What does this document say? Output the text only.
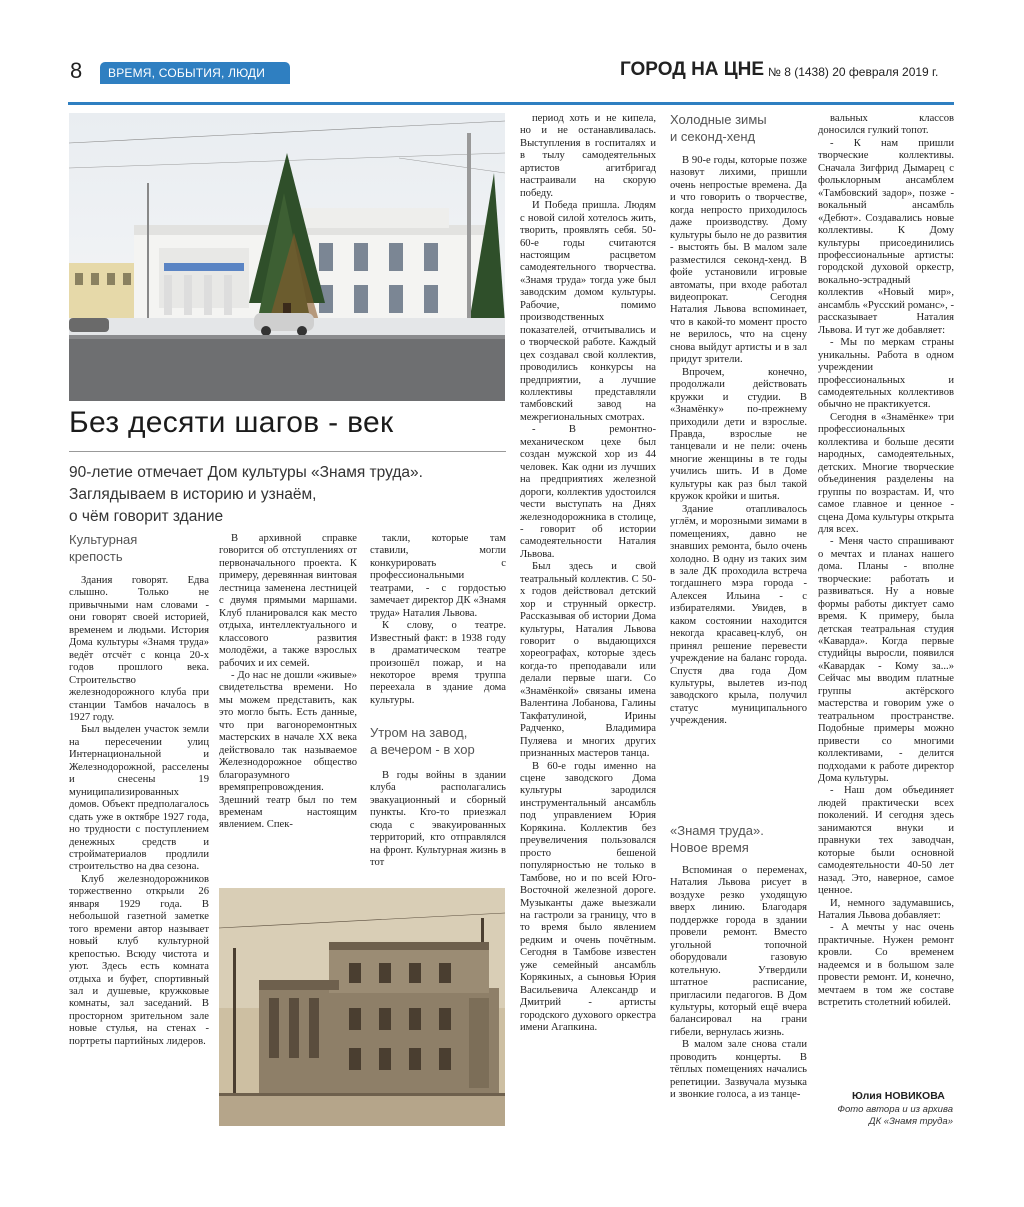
8	ВРЕМЯ, СОБЫТИЯ, ЛЮДИ	ГОРОД НА ЦНЕ № 8 (1438) 20 февраля 2019 г.
Без десяти шагов - век
90-летие отмечает Дом культуры «Знамя труда».
Заглядываем в историю и узнаём,
о чём говорит здание
Культурная
крепость
Утром на завод,
а вечером - в хор
Холодные зимы
и секонд-хенд
«Знамя труда».
Новое время

Здания говорят. Едва слышно. Только не привычными нам словами - они говорят своей историей, временем и людьми. История Дома культуры «Знамя труда» ведёт отсчёт с конца 20-х годов прошлого века. Строительство железнодорожного клуба при станции Тамбов началось в 1927 году.

Был выделен участок земли на пересечении улиц Интернациональной и Железнодорожной, расселены и снесены 19 муниципализированных домов. Объект предполагалось сдать уже в октябре 1927 года, но трудности с поступлением денежных средств и стройматериалов продлили строительство на два сезона.

Клуб железнодорожников торжественно открыли 26 января 1929 года. В небольшой газетной заметке того времени автор называет новый клуб культурной крепостью. Всюду чистота и уют. Здесь есть комната отдыха и буфет, спортивный зал и душевые, кружковые комнаты, зал заседаний. В просторном зрительном зале новые стулья, на стенах - портреты партийных лидеров.

В архивной справке говорится об отступлениях от первоначального проекта. К примеру, деревянная винтовая лестница заменена лестницей с двумя прямыми маршами. Клуб планировался как место отдыха, интеллектуального и классового развития молодёжи, а также взрослых рабочих и их семей.

- До нас не дошли «живые» свидетельства времени. Но мы можем представить, как это могло быть. Есть данные, что при вагоноремонтных мастерских в начале XX века действовало так называемое Железнодорожное общество благоразумного времяпрепровождения. Здешний театр был по тем временам настоящим явлением. Спек-

такли, которые там ставили, могли конкурировать с профессиональными театрами, - с гордостью замечает директор ДК «Знамя труда» Наталия Львова.

К слову, о театре. Известный факт: в 1938 году в драматическом театре произошёл пожар, и на некоторое время труппа переехала в здание дома культуры.

В годы войны в здании клуба располагались эвакуационный и сборный пункты. Кто-то приезжал сюда с эвакуированных территорий, кто отправлялся на фронт. Культурная жизнь в тот

период хоть и не кипела, но и не останавливалась. Выступления в госпиталях и в тылу самодеятельных артистов агитбригад настраивали на скорую победу.

И Победа пришла. Людям с новой силой хотелось жить, творить, проявлять себя. 50-60-е годы считаются настоящим расцветом самодеятельного творчества. «Знамя труда» тогда уже был заводским домом культуры. Рабочие, помимо производственных показателей, отчитывались и о творческой работе. Каждый цех создавал свой коллектив, проводились конкурсы на предприятии, а лучшие коллективы представляли тамбовский завод на межрегиональных смотрах.

- В ремонтно-механическом цехе был создан мужской хор из 44 человек. Как одни из лучших на предприятиях железной дороги, коллектив удостоился чести выступать на Днях железнодорожника в столице, - говорит об истории самодеятельности Наталия Львова.

Был здесь и свой театральный коллектив. С 50-х годов действовал детский хор и струнный оркестр. Рассказывая об истории Дома культуры, Наталия Львова говорит о выдающихся хореографах, которые здесь когда-то преподавали или делали первые шаги. Со «Знамёнкой» связаны имена Валентина Лобанова, Галины Такфатулиной, Ирины Радченко, Владимира Пуляева и многих других признанных мастеров танца.

В 60-е годы именно на сцене заводского Дома культуры зародился инструментальный ансамбль под управлением Юрия Корякина. Коллектив без преувеличения пользовался просто бешеной популярностью не только в Тамбове, но и по всей Юго-Восточной железной дороге. Музыканты даже выезжали на гастроли за границу, что в то время было явлением редким и очень почётным. Сегодня в Тамбове известен уже семейный ансамбль Корякиных, а сыновья Юрия Васильевича Александр и Дмитрий - артисты городского духового оркестра имени Агапкина.

В 90-е годы, которые позже назовут лихими, пришли очень непростые времена. Да и что говорить о творчестве, когда непросто приходилось даже производству. Дому культуры было не до развития - выстоять бы. В малом зале разместился секонд-хенд. В фойе установили игровые автоматы, при входе работал видеопрокат. Сегодня Наталия Львова вспоминает, что в какой-то момент просто не верилось, что на сцену снова выйдут артисты и в зал придут зрители.

Впрочем, конечно, продолжали действовать кружки и студии. В «Знамёнку» по-прежнему приходили дети и взрослые. Правда, взрослые не танцевали и не пели: очень многие женщины в те годы учились шить. И в Доме культуры как раз был такой кружок кройки и шитья.

Здание отапливалось углём, и морозными зимами в помещениях, давно не знавших ремонта, было очень холодно. В одну из таких зим в зале ДК проходила встреча тогдашнего мэра города - Алексея Ильина - с избирателями. Увидев, в каком состоянии находится некогда красавец-клуб, он принял решение перевести учреждение на баланс города. Спустя два года Дом культуры, вылетев из-под заводского крыла, получил статус муниципального учреждения.

Вспоминая о переменах, Наталия Львова рисует в воздухе резко уходящую вверх линию. Благодаря поддержке города в здании провели ремонт. Вместо угольной топочной оборудовали газовую котельную. Утвердили штатное расписание, пригласили педагогов. В Дом культуры, который ещё вчера балансировал на грани гибели, вернулась жизнь.

В малом зале снова стали проводить концерты. В тёплых помещениях начались репетиции. Зазвучала музыка и звонкие голоса, а из танце-

вальных классов доносился гулкий топот.

- К нам пришли творческие коллективы. Сначала Зигфрид Дымарец с фольклорным ансамблем «Тамбовский задор», позже - вокальный ансамбль «Дебют». Создавались новые коллективы. К Дому культуры присоединились профессиональные артисты: городской духовой оркестр, вокально-эстрадный коллектив «Новый мир», ансамбль «Русский романс», - рассказывает Наталия Львова. И тут же добавляет:

- Мы по меркам страны уникальны. Работа в одном учреждении профессиональных и самодеятельных коллективов обычно не практикуется.

Сегодня в «Знамёнке» три профессиональных коллектива и больше десяти народных, самодеятельных, детских. Многие творческие объединения разделены на группы по возрастам. И, что самое главное и ценное - сцена Дома культуры открыта для всех.

- Меня часто спрашивают о мечтах и планах нашего дома. Планы - вполне творческие: работать и развиваться. Ну а новые формы работы диктует само время. К примеру, была детская театральная студия «Каварда». Когда первые студийцы выросли, появился «Кавардак - Кому за...» Сейчас мы вводим платные группы актёрского мастерства и говорим уже о театральном пространстве. Подобные примеры можно привести со многими коллективами, - делится подходами к работе директор Дома культуры.

- Наш дом объединяет людей практически всех поколений. И сегодня здесь занимаются внуки и правнуки тех заводчан, которые были основной самодеятельности 40-50 лет назад. Это, наверное, самое ценное.

И, немного задумавшись, Наталия Львова добавляет:

- А мечты у нас очень практичные. Нужен ремонт кровли. Со временем надеемся и в большом зале провести ремонт. И, конечно, мечтаем в том же составе встретить столетний юбилей.

Юлия НОВИКОВА
Фото автора и из архива
ДК «Знамя труда»
